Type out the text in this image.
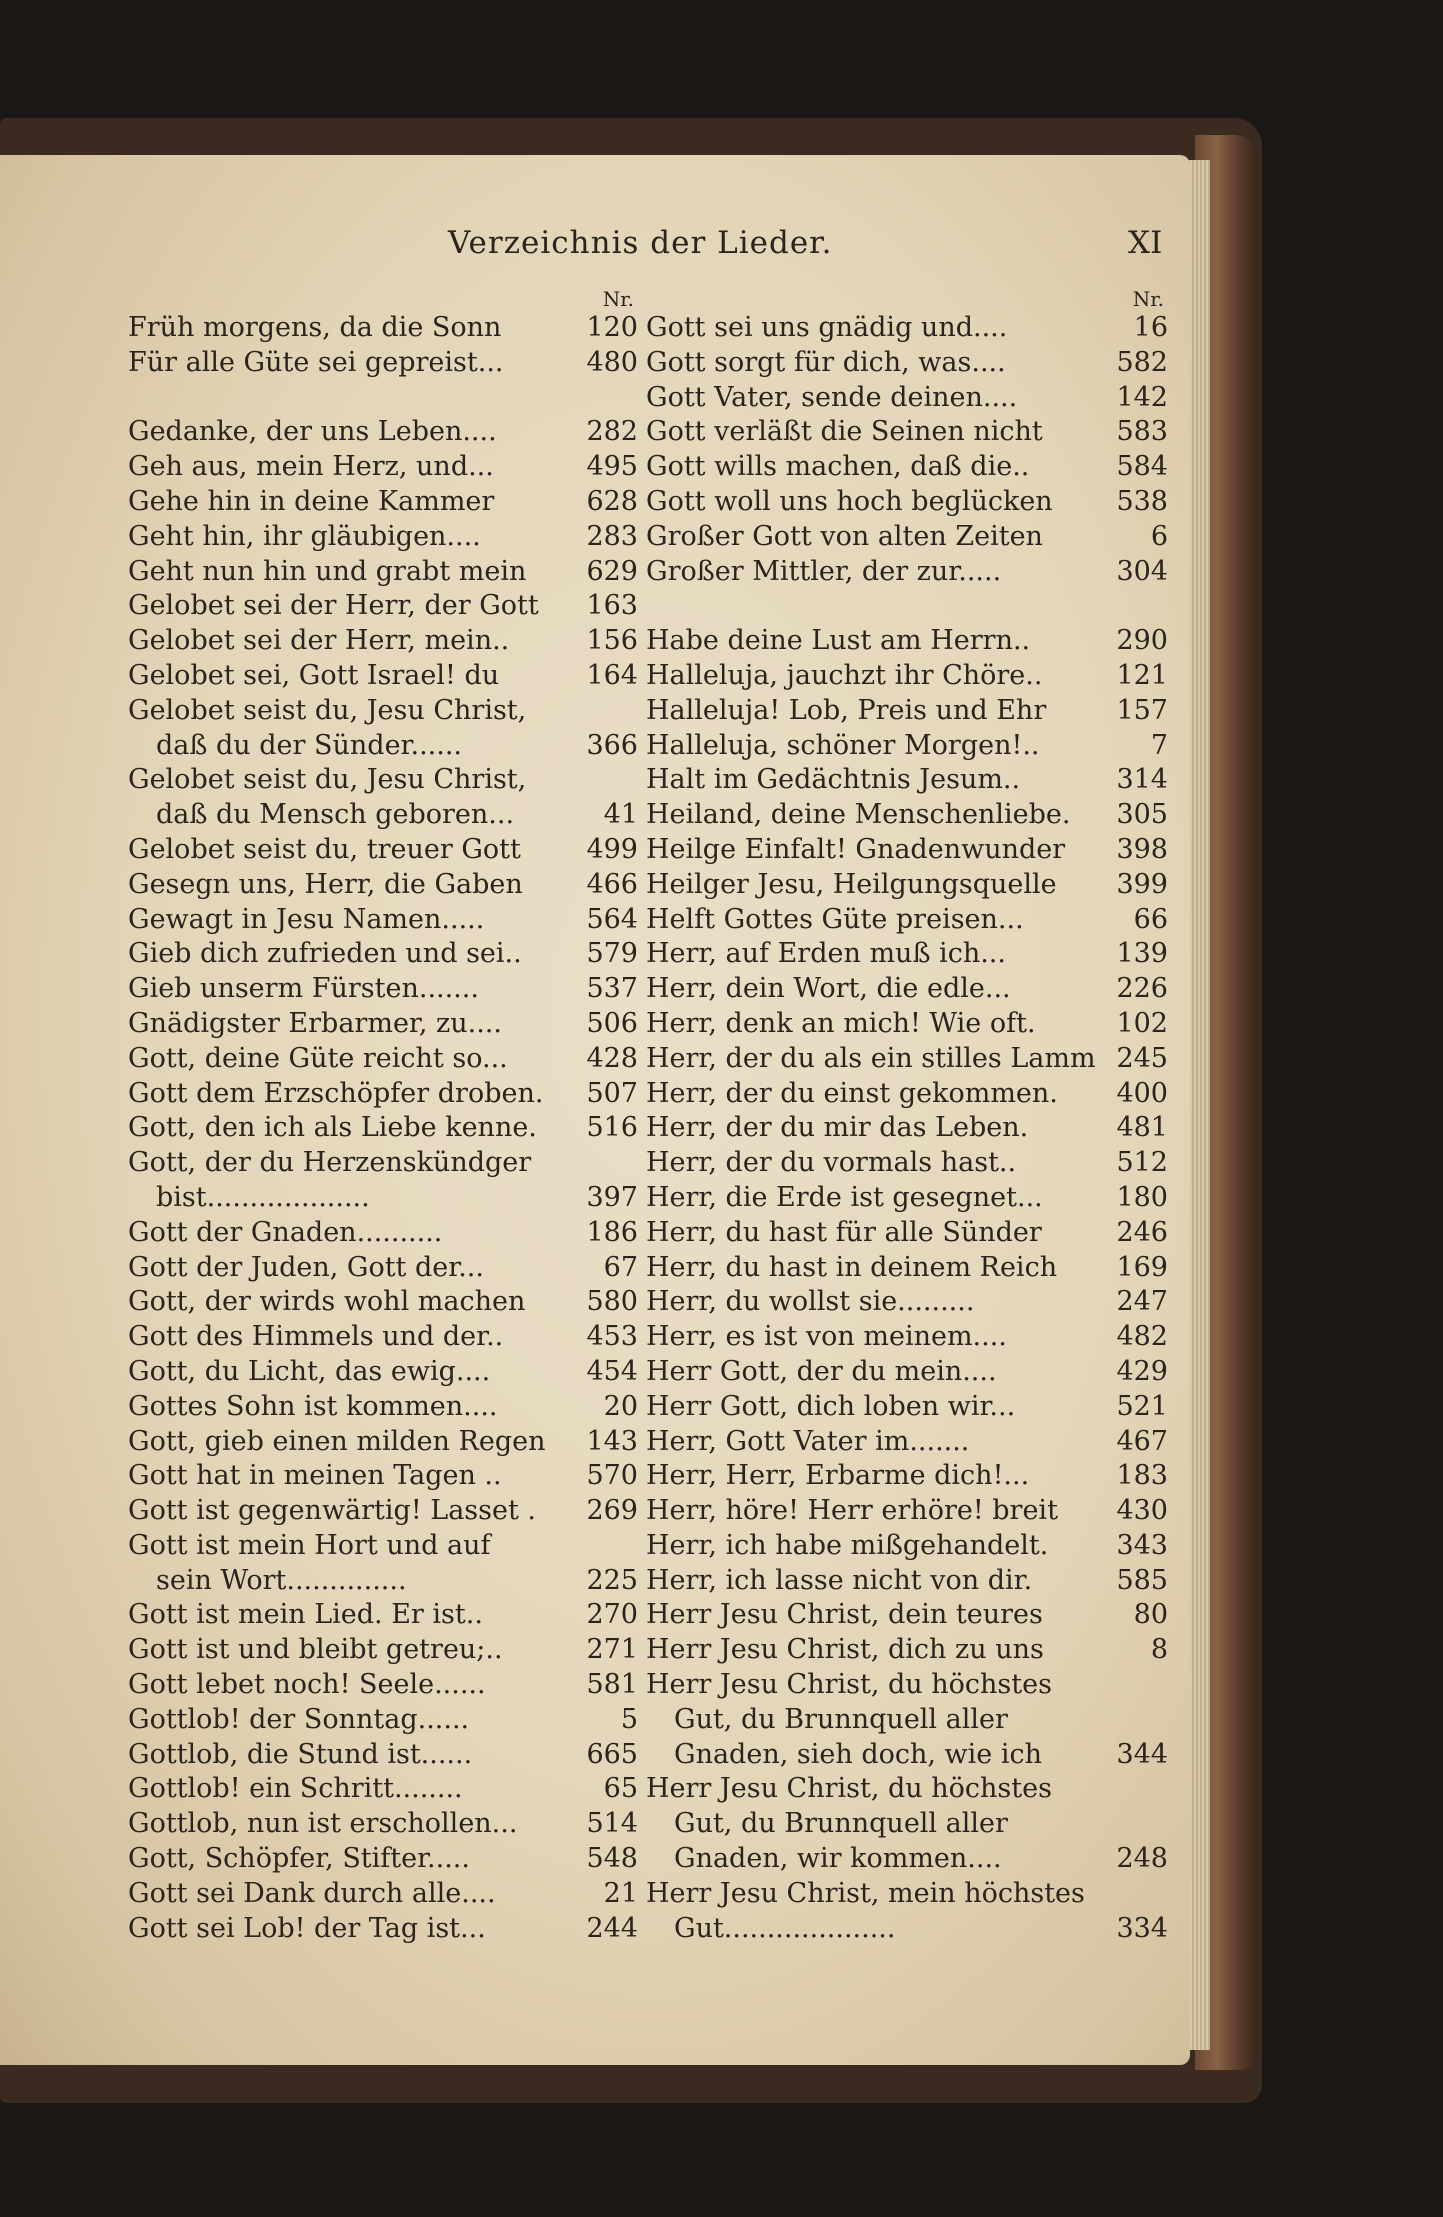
Verzeichnis der Lieder.	XI
Nr.
Früh morgens, da die Sonn	120
Für alle Güte sei gepreist...	480
Gedanke, der uns Leben....	282
Geh aus, mein Herz, und...	495
Gehe hin in deine Kammer	628
Geht hin, ihr gläubigen....	283
Geht nun hin und grabt mein 629
Gelobet sei der Herr, der Gott 163
Gelobet sei der Herr, mein..	156
Gelobet sei, Gott Israel! du	164
Gelobet seist du, Jesu Christ,
daß du der Sünder......	366
Gelobet seist du, Jesu Christ,
daß du Mensch geboren...	41
Gelobet seist du, treuer Gott 499
Gesegn uns, Herr, die Gaben 466
Gewagt in Jesu Namen.....	564
Gieb dich zufrieden und sei.. 579
Gieb unserm Fürsten.......	537
Gnädigster Erbarmer, zu....	506
Gott, deine Güte reicht so...	428
Gott dem Erzschöpfer droben. 507
Gott, den ich als Liebe kenne. 516
Gott, der du Herzenskündger
bist...................	397
Gott der Gnaden..........	186
Gott der Juden, Gott der...	67
Gott, der wirds wohl machen 580
Gott des Himmels und der..	453
Gott, du Licht, das ewig....	454
Gottes Sohn ist kommen....	20
Gott, gieb einen milden Regen 143
Gott hat in meinen Tagen ..	570
Gott ist gegenwärtig! Lasset . 269
Gott ist mein Hort und auf
sein Wort..............	225
Gott ist mein Lied. Er ist..	270
Gott ist und bleibt getreu;..	271
Gott lebet noch! Seele......	581
Gottlob! der Sonntag......	5
Gottlob, die Stund ist......	665
Gottlob! ein Schritt........	65
Gottlob, nun ist erschollen...	514
Gott, Schöpfer, Stifter.....	548
Gott sei Dank durch alle....	21
Gott sei Lob! der Tag ist...	244
Nr.
Gott sei uns gnädig und....	16
Gott sorgt für dich, was....	582
Gott Vater, sende deinen....	142
Gott verläßt die Seinen nicht	583
Gott wills machen, daß die..	584
Gott woll uns hoch beglücken 538
Großer Gott von alten Zeiten	6
Großer Mittler, der zur.....	304
Habe deine Lust am Herrn..	290
Halleluja, jauchzt ihr Chöre..	121
Halleluja! Lob, Preis und Ehr	157
Halleluja, schöner Morgen!..	7
Halt im Gedächtnis Jesum..	314
Heiland, deine Menschenliebe. 305
Heilge Einfalt! Gnadenwunder 398
Heilger Jesu, Heilgungsquelle 399
Helft Gottes Güte preisen...	66
Herr, auf Erden muß ich...	139
Herr, dein Wort, die edle...	226
Herr, denk an mich! Wie oft.	102
Herr, der du als ein stilles Lamm 245
Herr, der du einst gekommen. 400
Herr, der du mir das Leben.	481
Herr, der du vormals hast..	512
Herr, die Erde ist gesegnet...	180
Herr, du hast für alle Sünder	246
Herr, du hast in deinem Reich 169
Herr, du wollst sie.........	247
Herr, es ist von meinem....	482
Herr Gott, der du mein....	429
Herr Gott, dich loben wir...	521
Herr, Gott Vater im.......	467
Herr, Herr, Erbarme dich!...	183
Herr, höre! Herr erhöre! breit 430
Herr, ich habe mißgehandelt.	343
Herr, ich lasse nicht von dir.	585
Herr Jesu Christ, dein teures	80
Herr Jesu Christ, dich zu uns	8
Herr Jesu Christ, du höchstes
Gut, du Brunnquell aller
Gnaden, sieh doch, wie ich	344
Herr Jesu Christ, du höchstes
Gut, du Brunnquell aller
Gnaden, wir kommen....	248
Herr Jesu Christ, mein höchstes
Gut....................	334
